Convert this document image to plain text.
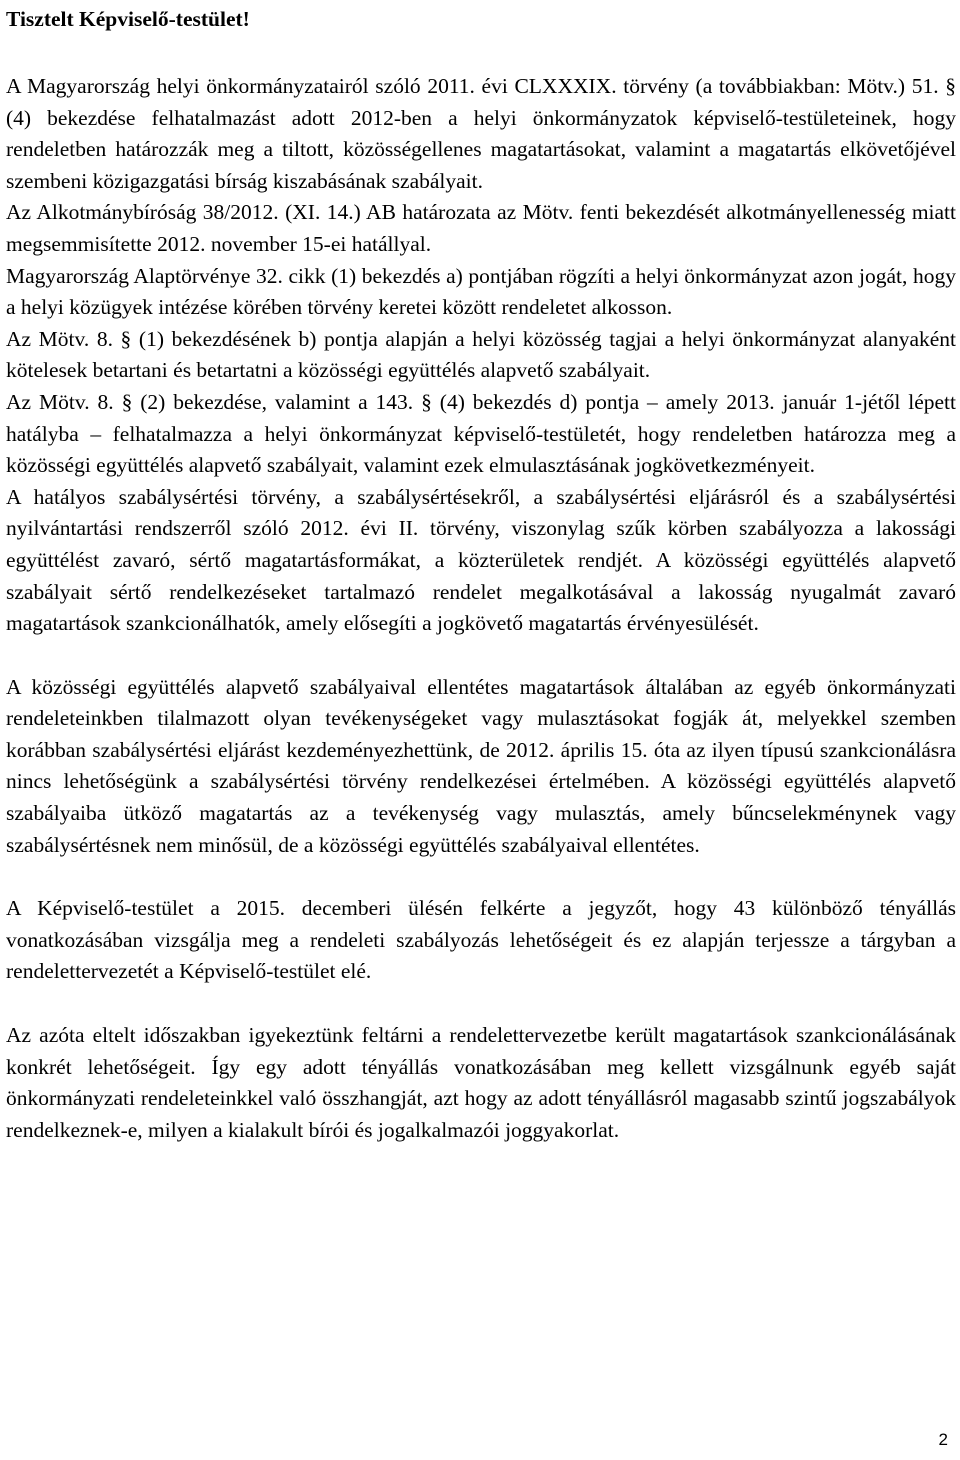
Tisztelt Képviselő-testület!

A Magyarország helyi önkormányzatairól szóló 2011. évi CLXXXIX. törvény (a továbbiakban: Mötv.) 51. § (4) bekezdése felhatalmazást adott 2012-ben a helyi önkormányzatok képviselő-testületeinek, hogy rendeletben határozzák meg a tiltott, közösségellenes magatartásokat, valamint a magatartás elkövetőjével szembeni közigazgatási bírság kiszabásának szabályait.

Az Alkotmánybíróság 38/2012. (XI. 14.) AB határozata az Mötv. fenti bekezdését alkotmányellenesség miatt megsemmisítette 2012. november 15-ei hatállyal.

Magyarország Alaptörvénye 32. cikk (1) bekezdés a) pontjában rögzíti a helyi önkormányzat azon jogát, hogy a helyi közügyek intézése körében törvény keretei között rendeletet alkosson.

Az Mötv. 8. § (1) bekezdésének b) pontja alapján a helyi közösség tagjai a helyi önkormányzat alanyaként kötelesek betartani és betartatni a közösségi együttélés alapvető szabályait.

Az Mötv. 8. § (2) bekezdése, valamint a 143. § (4) bekezdés d) pontja – amely 2013. január 1-jétől lépett hatályba – felhatalmazza a helyi önkormányzat képviselő-testületét, hogy rendeletben határozza meg a közösségi együttélés alapvető szabályait, valamint ezek elmulasztásának jogkövetkezményeit.

A hatályos szabálysértési törvény, a szabálysértésekről, a szabálysértési eljárásról és a szabálysértési nyilvántartási rendszerről szóló 2012. évi II. törvény, viszonylag szűk körben szabályozza a lakossági együttélést zavaró, sértő magatartásformákat, a közterületek rendjét. A közösségi együttélés alapvető szabályait sértő rendelkezéseket tartalmazó rendelet megalkotásával a lakosság nyugalmát zavaró magatartások szankcionálhatók, amely elősegíti a jogkövető magatartás érvényesülését.

A közösségi együttélés alapvető szabályaival ellentétes magatartások általában az egyéb önkormányzati rendeleteinkben tilalmazott olyan tevékenységeket vagy mulasztásokat fogják át, melyekkel szemben korábban szabálysértési eljárást kezdeményezhettünk, de 2012. április 15. óta az ilyen típusú szankcionálásra nincs lehetőségünk a szabálysértési törvény rendelkezései értelmében. A közösségi együttélés alapvető szabályaiba ütköző magatartás az a tevékenység vagy mulasztás, amely bűncselekménynek vagy szabálysértésnek nem minősül, de a közösségi együttélés szabályaival ellentétes.

A Képviselő-testület a 2015. decemberi ülésén felkérte a jegyzőt, hogy 43 különböző tényállás vonatkozásában vizsgálja meg a rendeleti szabályozás lehetőségeit és ez alapján terjessze a tárgyban a rendelettervezetét a Képviselő-testület elé.

Az azóta eltelt időszakban igyekeztünk feltárni a rendelettervezetbe került magatartások szankcionálásának konkrét lehetőségeit. Így egy adott tényállás vonatkozásában meg kellett vizsgálnunk egyéb saját önkormányzati rendeleteinkkel való összhangját, azt hogy az adott tényállásról magasabb szintű jogszabályok rendelkeznek-e, milyen a kialakult bírói és jogalkalmazói joggyakorlat.

2
